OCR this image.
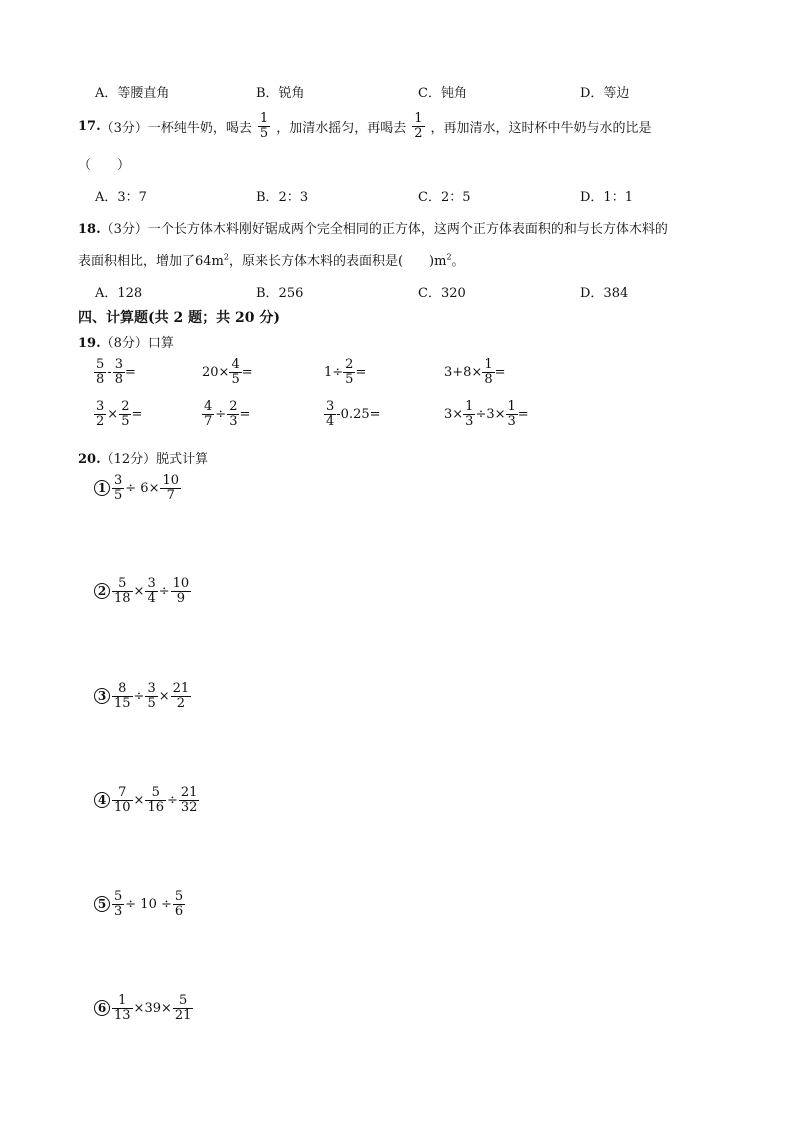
A．等腰直角	B．锐角	C．钝角	D．等边
17. （3分） 一杯纯牛奶，喝去 $\frac{1}{5}$ ，加清水摇匀，再喝去 $\frac{1}{2}$ ，再加清水，这时杯中牛奶与水的比是
（　　）
A．3：7	B．2：3	C．2：5	D．1：1
18.（3分）一个长方体木料刚好锯成两个完全相同的正方体，这两个正方体表面积的和与长方体木料的
表面积相比，增加了$64m^2$，原来长方体木料的表面积是(　　)$m^2$。
A．128	B．256	C．320	D．384
四、计算题(共 2 题；共 20 分)
19.（8分）口算
$\frac{5}{8} - \frac{3}{8}$ =	$20\times \frac{4}{5}$ =	$1\div \frac{2}{5}$ =	$3+8\times \frac{1}{8}$ =
$\frac{3}{2} \times \frac{2}{5}$ =	$\frac{4}{7} \div \frac{2}{3}$ =	$\frac{3}{4} -0.25=$	$3\times \frac{1}{3} \div 3\times \frac{1}{3}$ =
20.（12分）脱式计算
$1 \frac{3}{5} \div 6\times \frac{10}{7}$
$2 \frac{5}{18} \times \frac{3}{4} \div \frac{10}{9}$
$3 \frac{8}{15} \div \frac{3}{5} \times \frac{21}{2}$
$4 \frac{7}{10} \times \frac{5}{16} \div \frac{21}{32}$
$5 \frac{5}{3} \div 10 \div \frac{5}{6}$
$6 \frac{1}{13} \times 39\times \frac{5}{21}$
